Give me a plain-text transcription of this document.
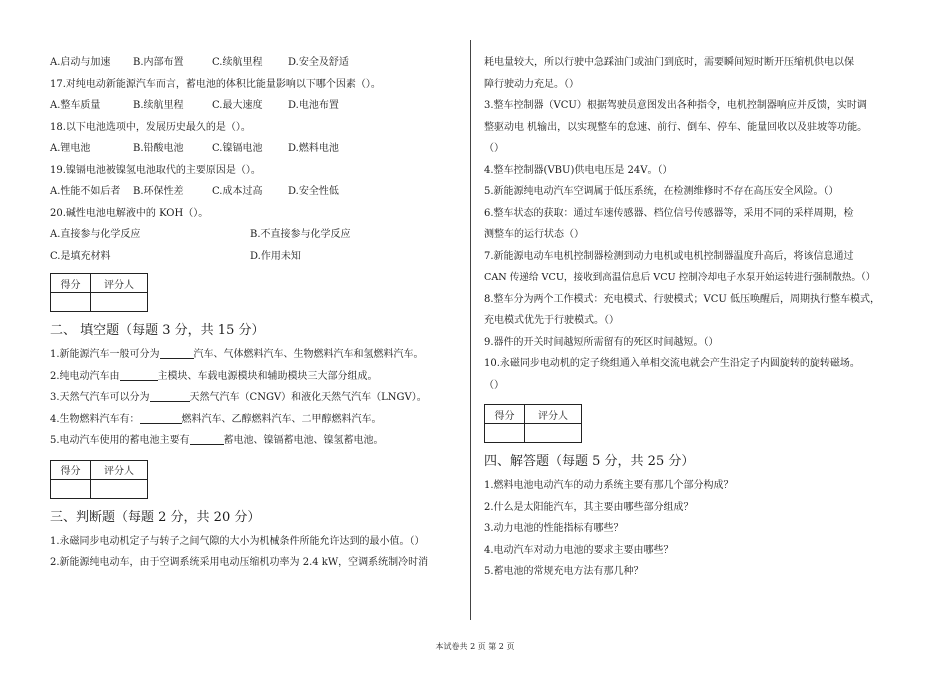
A.启动与加速	B.内部布置	C.续航里程	D.安全及舒适
17.对纯电动新能源汽车而言，蓄电池的体积比能量影响以下哪个因素（）。
A.整车质量	B.续航里程	C.最大速度	D.电池布置
18.以下电池选项中，发展历史最久的是（）。
A.锂电池	B.铅酸电池	C.镍镉电池	D.燃料电池
19.镍镉电池被镍氢电池取代的主要原因是（）。
A.性能不如后者	B.环保性差	C.成本过高	D.安全性低
20.碱性电池电解液中的 KOH（）。
A.直接参与化学反应	B.不直接参与化学反应
C.是填充材料	D.作用未知
得分	评分人

二、 填空题（每题 3 分，共 15 分）
1.新能源汽车一般可分为	汽车、气体燃料汽车、生物燃料汽车和氢燃料汽车。
2.纯电动汽车由	主模块、车载电源模块和辅助模块三大部分组成。
3.天然气汽车可以分为	天然气汽车（CNGV）和液化天然气汽车（LNGV）。
4.生物燃料汽车有：	燃料汽车、乙醇燃料汽车、二甲醇燃料汽车。
5.电动汽车使用的蓄电池主要有	蓄电池、镍镉蓄电池、镍氢蓄电池。
得分	评分人

三、判断题（每题 2 分，共 20 分）
1.永磁同步电动机定子与转子之间气隙的大小为机械条件所能允许达到的最小值。（）
2.新能源纯电动车，由于空调系统采用电动压缩机功率为 2.4 kW，空调系统制冷时消
耗电量较大，所以行驶中急踩油门或油门到底时，需要瞬间短时断开压缩机供电以保
障行驶动力充足。（）
3.整车控制器（VCU）根据驾驶员意图发出各种指令，电机控制器响应并反馈，实时调
整驱动电 机输出，以实现整车的怠速、前行、倒车、停车、能量回收以及驻坡等功能。
（）
4.整车控制器(VBU)供电电压是 24V。（）
5.新能源纯电动汽车空调属于低压系统，在检测维修时不存在高压安全风险。（）
6.整车状态的获取：通过车速传感器、档位信号传感器等，采用不同的采样周期，检
测整车的运行状态（）
7.新能源电动车电机控制器检测到动力电机或电机控制器温度升高后，将该信息通过
CAN 传递给 VCU，接收到高温信息后 VCU 控制冷却电子水泵开始运转进行强制散热。（）
8.整车分为两个工作模式：充电模式、行驶模式；VCU 低压唤醒后，周期执行整车模式，
充电模式优先于行驶模式。（）
9.器件的开关时间越短所需留有的死区时间越短。（）
10.永磁同步电动机的定子绕组通入单相交流电就会产生沿定子内圆旋转的旋转磁场。
（）
得分	评分人

四、解答题（每题 5 分，共 25 分）
1.燃料电池电动汽车的动力系统主要有那几个部分构成？
2.什么是太阳能汽车，其主要由哪些部分组成？
3.动力电池的性能指标有哪些？
4.电动汽车对动力电池的要求主要由哪些？
5.蓄电池的常规充电方法有那几种？
本试卷共 2 页 第 2 页
